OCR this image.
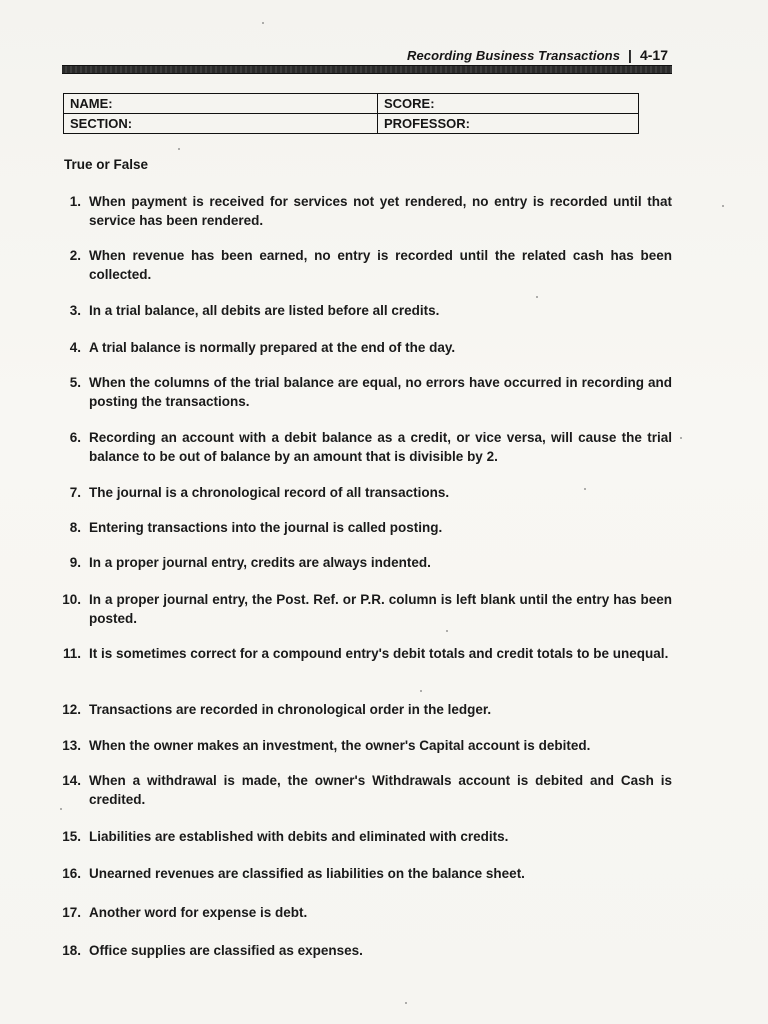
Recording Business Transactions | 4-17
NAME:	SCORE:
SECTION:	PROFESSOR:
True or False
1. When payment is received for services not yet rendered, no entry is recorded until that service has been rendered.
2. When revenue has been earned, no entry is recorded until the related cash has been collected.
3. In a trial balance, all debits are listed before all credits.
4. A trial balance is normally prepared at the end of the day.
5. When the columns of the trial balance are equal, no errors have occurred in recording and posting the transactions.
6. Recording an account with a debit balance as a credit, or vice versa, will cause the trial balance to be out of balance by an amount that is divisible by 2.
7. The journal is a chronological record of all transactions.
8. Entering transactions into the journal is called posting.
9. In a proper journal entry, credits are always indented.
10. In a proper journal entry, the Post. Ref. or P.R. column is left blank until the entry has been posted.
11. It is sometimes correct for a compound entry's debit totals and credit totals to be unequal.
12. Transactions are recorded in chronological order in the ledger.
13. When the owner makes an investment, the owner's Capital account is debited.
14. When a withdrawal is made, the owner's Withdrawals account is debited and Cash is credited.
15. Liabilities are established with debits and eliminated with credits.
16. Unearned revenues are classified as liabilities on the balance sheet.
17. Another word for expense is debt.
18. Office supplies are classified as expenses.
